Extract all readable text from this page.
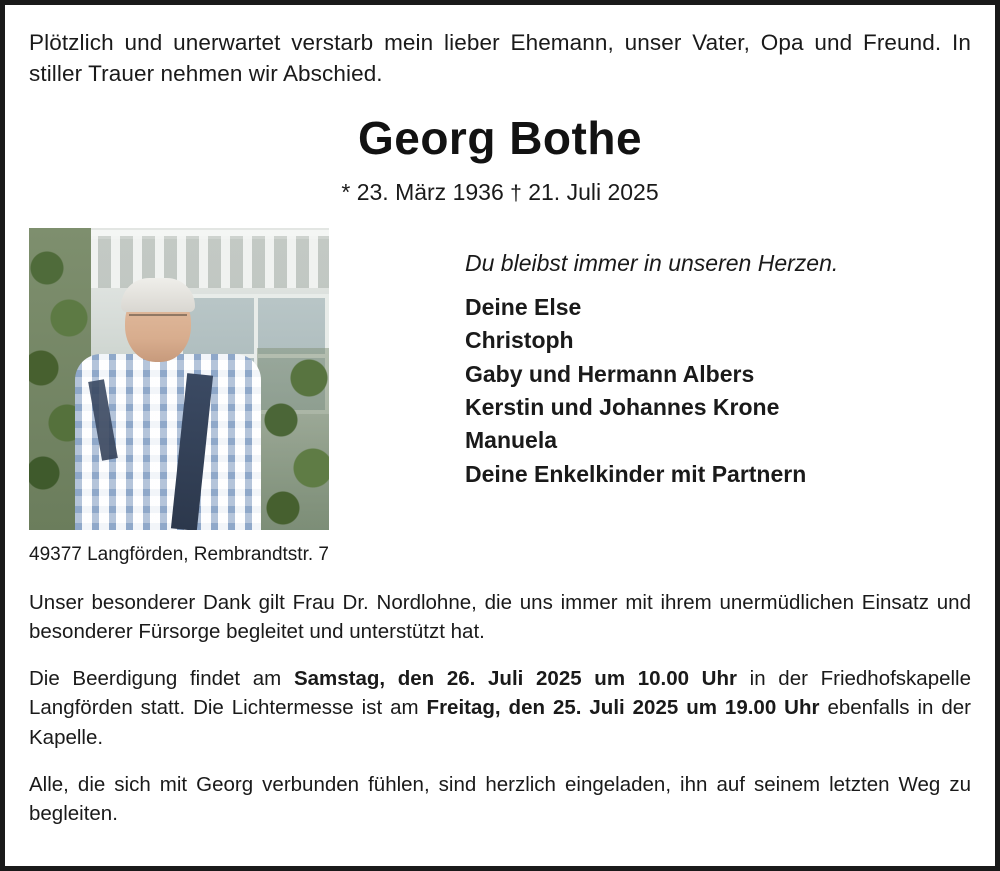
Plötzlich und unerwartet verstarb mein lieber Ehemann, unser Vater, Opa und Freund. In stiller Trauer nehmen wir Abschied.

Georg Bothe

* 23. März 1936 † 21. Juli 2025

49377 Langförden, Rembrandtstr. 7

Du bleibst immer in unseren Herzen.

Deine Else
Christoph
Gaby und Hermann Albers
Kerstin und Johannes Krone
Manuela
Deine Enkelkinder mit Partnern

Unser besonderer Dank gilt Frau Dr. Nordlohne, die uns immer mit ihrem unermüdlichen Einsatz und besonderer Fürsorge begleitet und unterstützt hat.

Die Beerdigung findet am Samstag, den 26. Juli 2025 um 10.00 Uhr in der Friedhofskapelle Langförden statt. Die Lichtermesse ist am Freitag, den 25. Juli 2025 um 19.00 Uhr ebenfalls in der Kapelle.

Alle, die sich mit Georg verbunden fühlen, sind herzlich eingeladen, ihn auf seinem letzten Weg zu begleiten.
